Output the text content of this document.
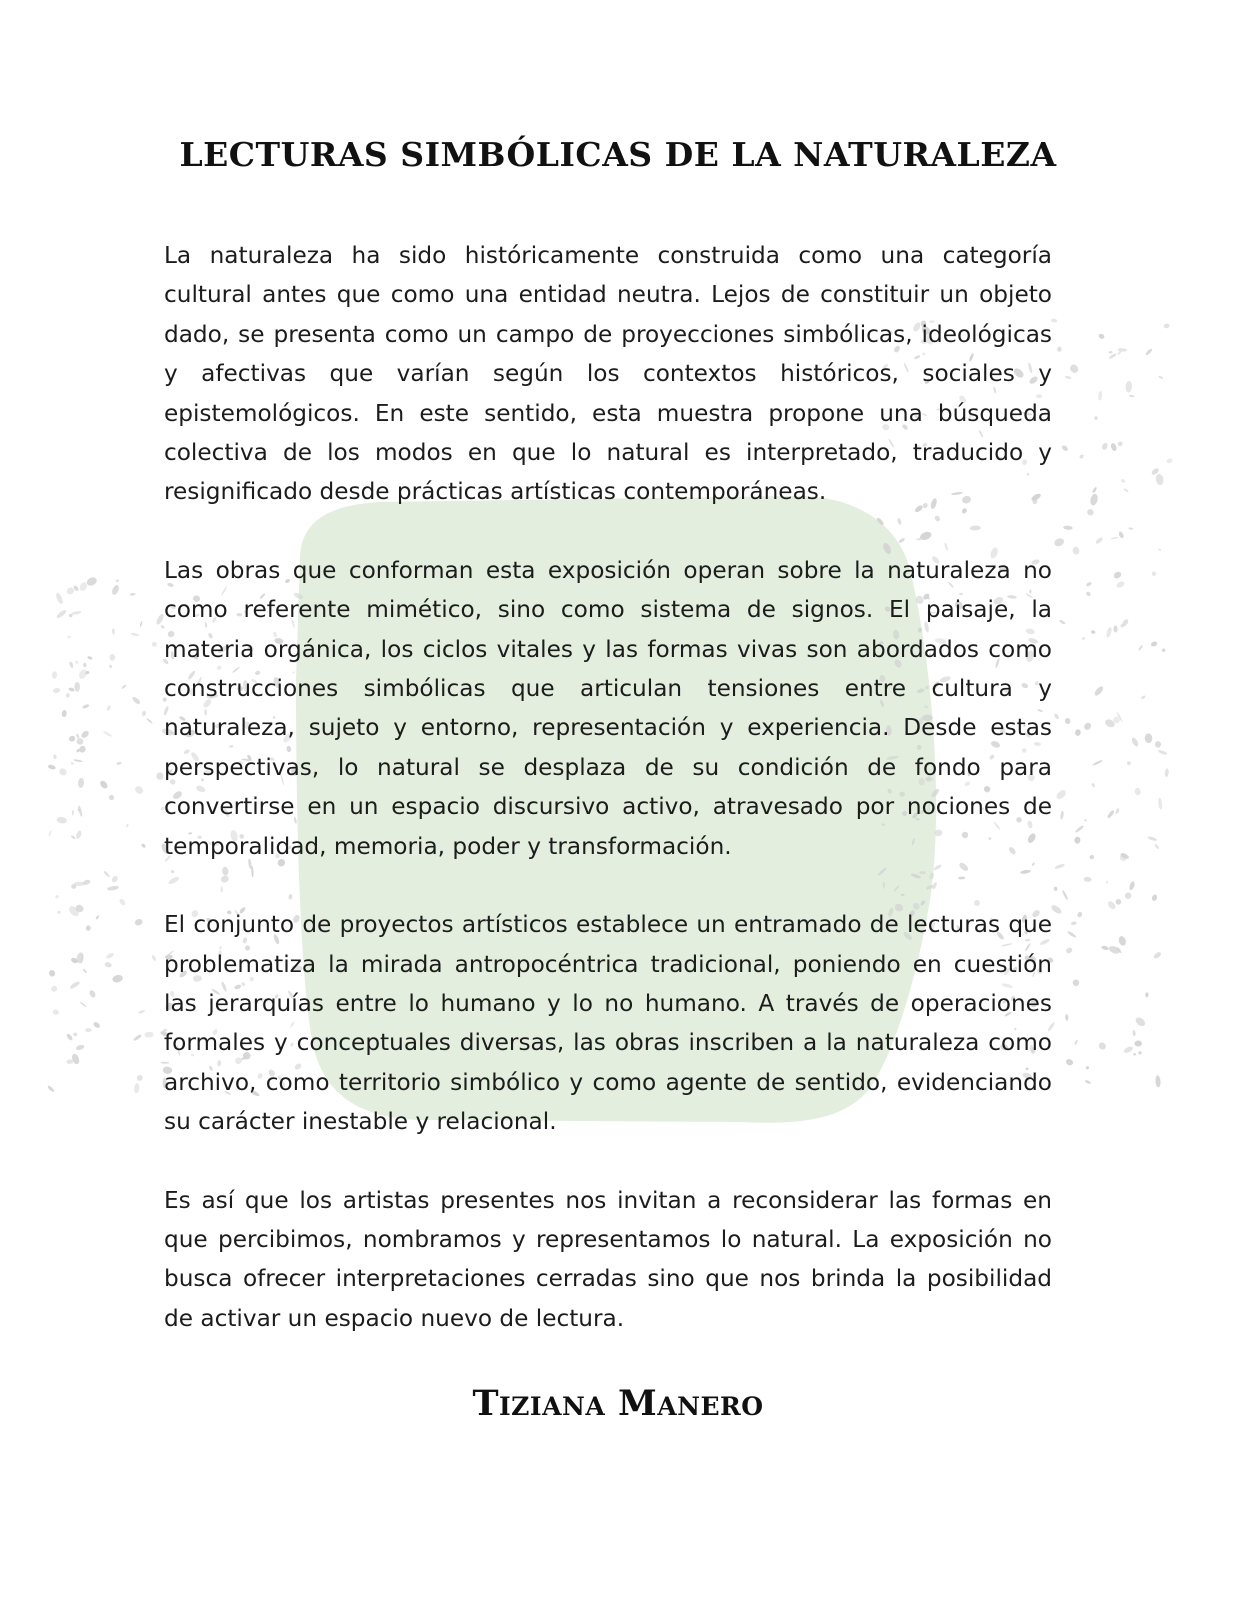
LECTURAS SIMBÓLICAS DE LA NATURALEZA

La naturaleza ha sido históricamente construida como una categoría cultural antes que como una entidad neutra. Lejos de constituir un objeto dado, se presenta como un campo de proyecciones simbólicas, ideológicas y afectivas que varían según los contextos históricos, sociales y epistemológicos. En este sentido, esta muestra propone una búsqueda colectiva de los modos en que lo natural es interpretado, traducido y resignificado desde prácticas artísticas contemporáneas.

Las obras que conforman esta exposición operan sobre la naturaleza no como referente mimético, sino como sistema de signos. El paisaje, la materia orgánica, los ciclos vitales y las formas vivas son abordados como construcciones simbólicas que articulan tensiones entre cultura y naturaleza, sujeto y entorno, representación y experiencia. Desde estas perspectivas, lo natural se desplaza de su condición de fondo para convertirse en un espacio discursivo activo, atravesado por nociones de temporalidad, memoria, poder y transformación.

El conjunto de proyectos artísticos establece un entramado de lecturas que problematiza la mirada antropocéntrica tradicional, poniendo en cuestión las jerarquías entre lo humano y lo no humano. A través de operaciones formales y conceptuales diversas, las obras inscriben a la naturaleza como archivo, como territorio simbólico y como agente de sentido, evidenciando su carácter inestable y relacional.

Es así que los artistas presentes nos invitan a reconsiderar las formas en que percibimos, nombramos y representamos lo natural. La exposición no busca ofrecer interpretaciones cerradas sino que nos brinda la posibilidad de activar un espacio nuevo de lectura.

Tiziana Manero
